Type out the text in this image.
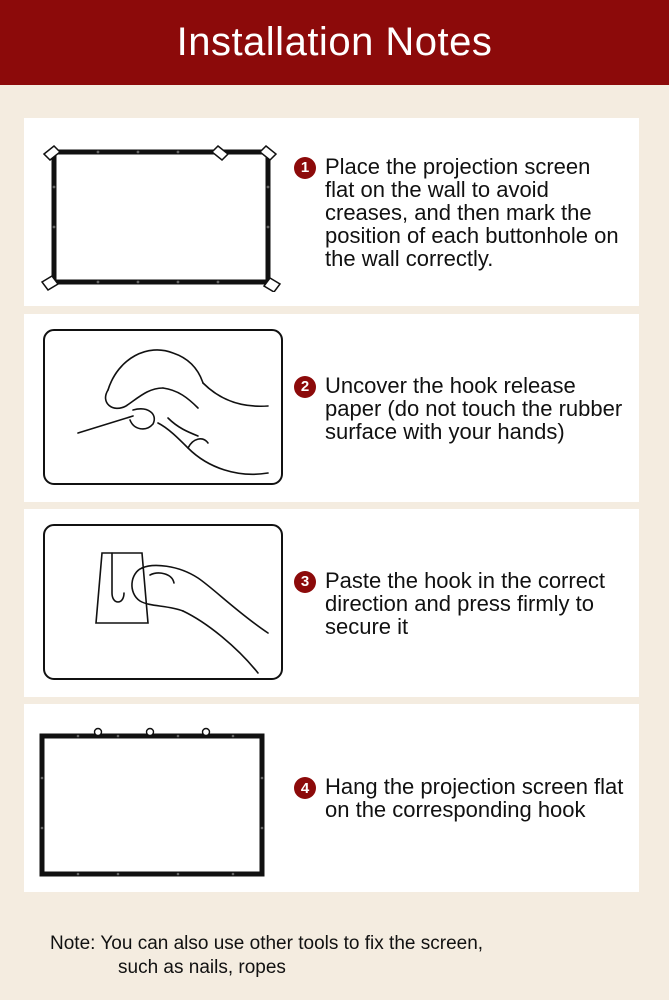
Installation Notes
1 Place the projection screen flat on the wall to avoid creases, and then mark the position of each buttonhole on the wall correctly.
2 Uncover the hook release paper (do not touch the rubber surface with your hands)
3 Paste the hook in the correct direction and press firmly to secure it
4 Hang the projection screen flat on the corresponding hook
Note: You can also use other tools to fix the screen,
such as nails, ropes
